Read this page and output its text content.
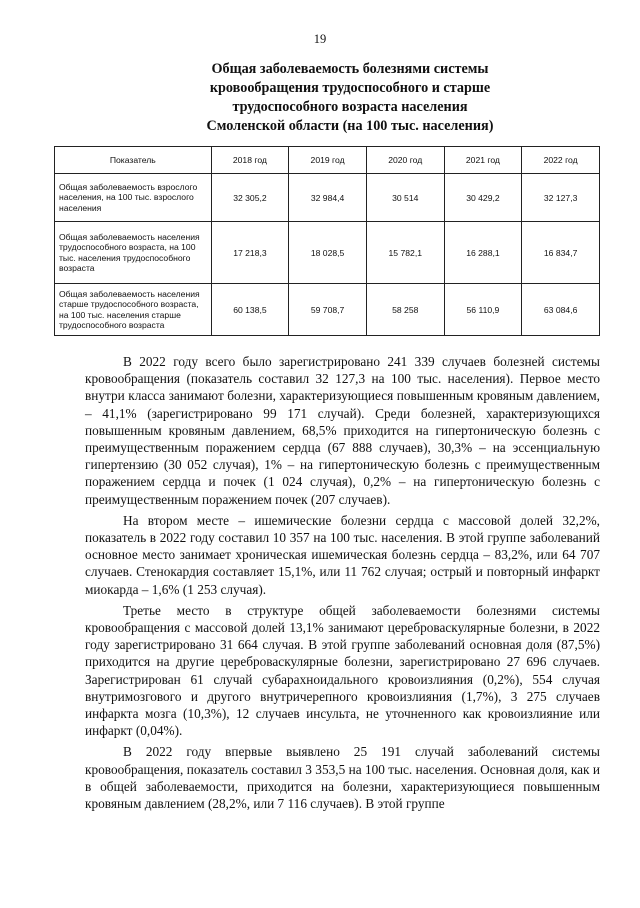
19
Общая заболеваемость болезнями системы
кровообращения трудоспособного и старше
трудоспособного возраста населения
Смоленской области (на 100 тыс. населения)
Показатель	2018 год	2019 год	2020 год	2021 год	2022 год
Общая заболеваемость взрослого населения, на 100 тыс. взрослого населения	32 305,2	32 984,4	30 514	30 429,2	32 127,3
Общая заболеваемость населения трудоспособного возраста, на 100 тыс. населения трудоспособного возраста	17 218,3	18 028,5	15 782,1	16 288,1	16 834,7
Общая заболеваемость населения старше трудоспособного возраста, на 100 тыс. населения старше трудоспособного возраста	60 138,5	59 708,7	58 258	56 110,9	63 084,6

В 2022 году всего было зарегистрировано 241 339 случаев болезней системы кровообращения (показатель составил 32 127,3 на 100 тыс. населения). Первое место внутри класса занимают болезни, характеризующиеся повышенным кровяным давлением, – 41,1% (зарегистрировано 99 171 случай). Среди болезней, характеризующихся повышенным кровяным давлением, 68,5% приходится на гипертоническую болезнь с преимущественным поражением сердца (67 888 случаев), 30,3% – на эссенциальную гипертензию (30 052 случая), 1% – на гипертоническую болезнь с преимущественным поражением сердца и почек (1 024 случая), 0,2% – на гипертоническую болезнь с преимущественным поражением почек (207 случаев).

На втором месте – ишемические болезни сердца с массовой долей 32,2%, показатель в 2022 году составил 10 357 на 100 тыс. населения. В этой группе заболеваний основное место занимает хроническая ишемическая болезнь сердца – 83,2%, или 64 707 случаев. Стенокардия составляет 15,1%, или 11 762 случая; острый и повторный инфаркт миокарда – 1,6% (1 253 случая).

Третье место в структуре общей заболеваемости болезнями системы кровообращения с массовой долей 13,1% занимают цереброваскулярные болезни, в 2022 году зарегистрировано 31 664 случая. В этой группе заболеваний основная доля (87,5%) приходится на другие цереброваскулярные болезни, зарегистрировано 27 696 случаев. Зарегистрирован 61 случай субарахноидального кровоизлияния (0,2%), 554 случая внутримозгового и другого внутричерепного кровоизлияния (1,7%), 3 275 случаев инфаркта мозга (10,3%), 12 случаев инсульта, не уточненного как кровоизлияние или инфаркт (0,04%).

В 2022 году впервые выявлено 25 191 случай заболеваний системы кровообращения, показатель составил 3 353,5 на 100 тыс. населения. Основная доля, как и в общей заболеваемости, приходится на болезни, характеризующиеся повышенным кровяным давлением (28,2%, или 7 116 случаев). В этой группе
